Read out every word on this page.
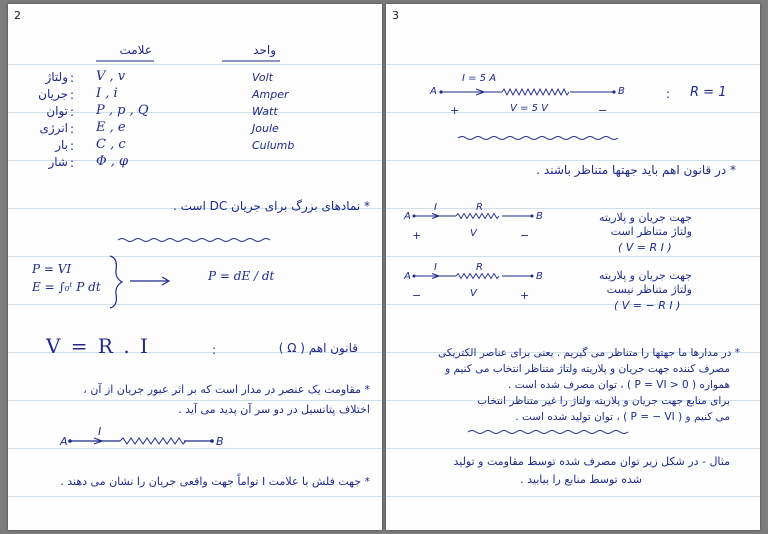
2
واحد
علامت
ولتاژ : V , v	Volt
جریان : I , i	Amper
توان : P , p , Q	Watt
انرژی : E , e	Joule
بار : C , c	Culumb
شار : Φ , φ
* نمادهای بزرگ برای جریان DC است .
P = VI
E = ∫₀ᵗ P dt
P = dE / dt
V = R . I	:	قانون اهم ( Ω )
* مقاومت یک عنصر در مدار است که بر اثر عبور جریان از آن ،
اختلاف پتانسیل در دو سر آن پدید می آید .
A	B
I
* جهت فلش با علامت I تواماً جهت واقعی جریان را نشان می دهند .
3
A	B
I = 5 A
V = 5 V
+	−
: R = 1
* در قانون اهم باید جهتها متناظر باشند .
A	B
I	R
V
+	−
جهت جریان و پلاریته
ولتاژ متناظر است
( V = R I )
A	B
I	R
V
−	+
جهت جریان و پلاریته
ولتاژ متناظر نیست
( V = − R I )
* در مدارها ما جهتها را متناظر می گیریم . یعنی برای عناصر الکتریکی
مصرف کننده جهت جریان و پلاریته ولتاژ متناظر انتخاب می کنیم و
همواره ( P = VI > 0 ) ، توان مصرف شده است .
برای منابع جهت جریان و پلاریته ولتاژ را غیر متناظر انتخاب
می کنیم و ( P = − VI ) ، توان تولید شده است .
مثال - در شکل زیر توان مصرف شده توسط مقاومت و تولید
شده توسط منابع را بیابید .
